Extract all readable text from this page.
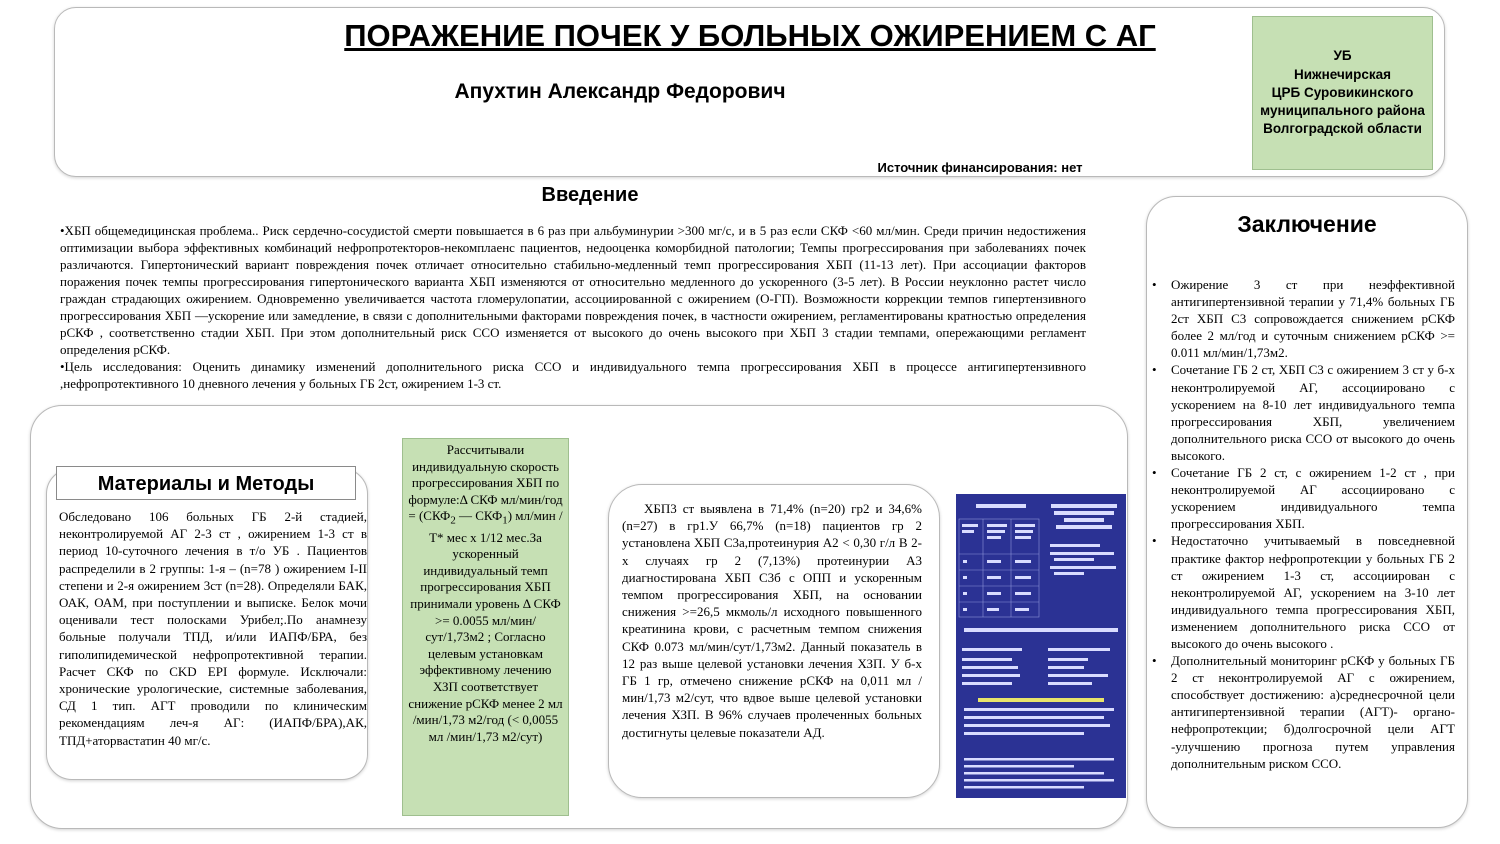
ПОРАЖЕНИЕ ПОЧЕК У БОЛЬНЫХ ОЖИРЕНИЕМ С АГ
Апухтин Александр Федорович
Источник финансирования: нет
УБ
Нижнечирская
ЦРБ Суровикинского
муниципального района
Волгоградской области
Введение

•ХБП общемедицинская проблема.. Риск сердечно-сосудистой смерти повышается в 6 раз при альбуминурии >300 мг/с, и в 5 раз если СКФ <60 мл/мин. Среди причин недостижения оптимизации выбора эффективных комбинаций нефропротекторов-некомплаенс пациентов, недооценка коморбидной патологии; Темпы прогрессирования при заболеваниях почек различаются. Гипертонический вариант повреждения почек отличает относительно стабильно-медленный темп прогрессирования ХБП (11-13 лет). При ассоциации факторов поражения почек темпы прогрессирования гипертонического варианта ХБП изменяются от относительно медленного до ускоренного (3-5 лет). В России неуклонно растет число граждан страдающих ожирением. Одновременно увеличивается частота гломерулопатии, ассоциированной с ожирением (О-ГП). Возможности коррекции темпов гипертензивного прогрессирования ХБП —ускорение или замедление, в связи с дополнительными факторами повреждения почек, в частности ожирением, регламентированы кратностью определения рСКФ , соответственно стадии ХБП. При этом дополнительный риск ССО изменяется от высокого до очень высокого при ХБП 3 стадии темпами, опережающими регламент определения рСКФ.

•Цель исследования: Оценить динамику изменений дополнительного риска ССО и индивидуального темпа прогрессирования ХБП в процессе антигипертензивного ,нефропротективного 10 дневного лечения у больных ГБ 2ст, ожирением 1-3 ст.

Материалы и Методы
Обследовано 106 больных ГБ 2-й стадией, неконтролируемой АГ 2-3 ст , ожирением 1-3 ст в период 10-суточного лечения в т/о УБ . Пациентов распределили в 2 группы: 1-я – (n=78 ) ожирением I-II степени и 2-я ожирением 3ст (n=28). Определяли БАК, ОАК, ОАМ, при поступлении и выписке. Белок мочи оценивали тест полосками Урибел;.По анамнезу больные получали ТПД, и/или ИАПФ/БРА, без гиполипидемической нефропротективной терапии. Расчет СКФ по CKD EPI формуле. Исключали: хронические урологические, системные заболевания, СД 1 тип. АГТ проводили по клиническим рекомендациям леч-я АГ: (ИАПФ/БРА),АК, ТПД+аторвастатин 40 мг/с.
Рассчитывали индивидуальную скорость прогрессирования ХБП по формуле:Δ СКФ $мл/мин/год = (СКФ_2$ — $СКФ_1$) мл/мин / Т* мес х 1/12 мес.За ускоренный индивидуальный темп прогрессирования ХБП принимали уровень Δ СКФ >= 0.0055 мл/мин/сут/1,73м2 ; Согласно целевым установкам эффективному лечению ХЗП соответствует снижение рСКФ менее 2 мл /мин/1,73 м2/год (< 0,0055 мл /мин/1,73 м2/сут)
ХБП3 ст выявлена в 71,4% (n=20) гр2 и 34,6% (n=27) в гр1.У 66,7% (n=18) пациентов гр 2 установлена ХБП С3а,протеинурия А2 < 0,30 г/л В 2-х случаях гр 2 (7,13%) протеинурии А3 диагностирована ХБП С3б с ОПП и ускоренным темпом прогрессирования ХБП, на основании снижения >=26,5 мкмоль/л исходного повышенного креатинина крови, с расчетным темпом снижения СКФ 0.073 мл/мин/сут/1,73м2. Данный показатель в 12 раз выше целевой установки лечения ХЗП. У б-х ГБ 1 гр, отмечено снижение рСКФ на 0,011 мл /мин/1,73 м2/сут, что вдвое выше целевой установки лечения ХЗП. В 96% случаев пролеченных больных достигнуты целевые показатели АД.
Заключение
• Ожирение 3 ст при неэффективной антигипертензивной терапии у 71,4% больных ГБ 2ст ХБП С3 сопровождается снижением рСКФ более 2 мл/год и суточным снижением рСКФ >= 0.011 мл/мин/1,73м2.
• Сочетание ГБ 2 ст, ХБП С3 с ожирением 3 ст у б-х неконтролируемой АГ, ассоциировано с ускорением на 8-10 лет индивидуального темпа прогрессирования ХБП, увеличением дополнительного риска ССО от высокого до очень высокого.
• Сочетание ГБ 2 ст, с ожирением 1-2 ст , при неконтролируемой АГ ассоциировано с ускорением индивидуального темпа прогрессирования ХБП.
• Недостаточно учитываемый в повседневной практике фактор нефропротекции у больных ГБ 2 ст ожирением 1-3 ст, ассоциирован с неконтролируемой АГ, ускорением на 3-10 лет индивидуального темпа прогрессирования ХБП, изменением дополнительного риска ССО от высокого до очень высокого .
• Дополнительный мониторинг рСКФ у больных ГБ 2 ст неконтролируемой АГ с ожирением, способствует достижению: а)среднесрочной цели антигипертензивной терапии (АГТ)- органо-нефропротекции; б)долгосрочной цели АГТ -улучшению прогноза путем управления дополнительным риском ССО.
